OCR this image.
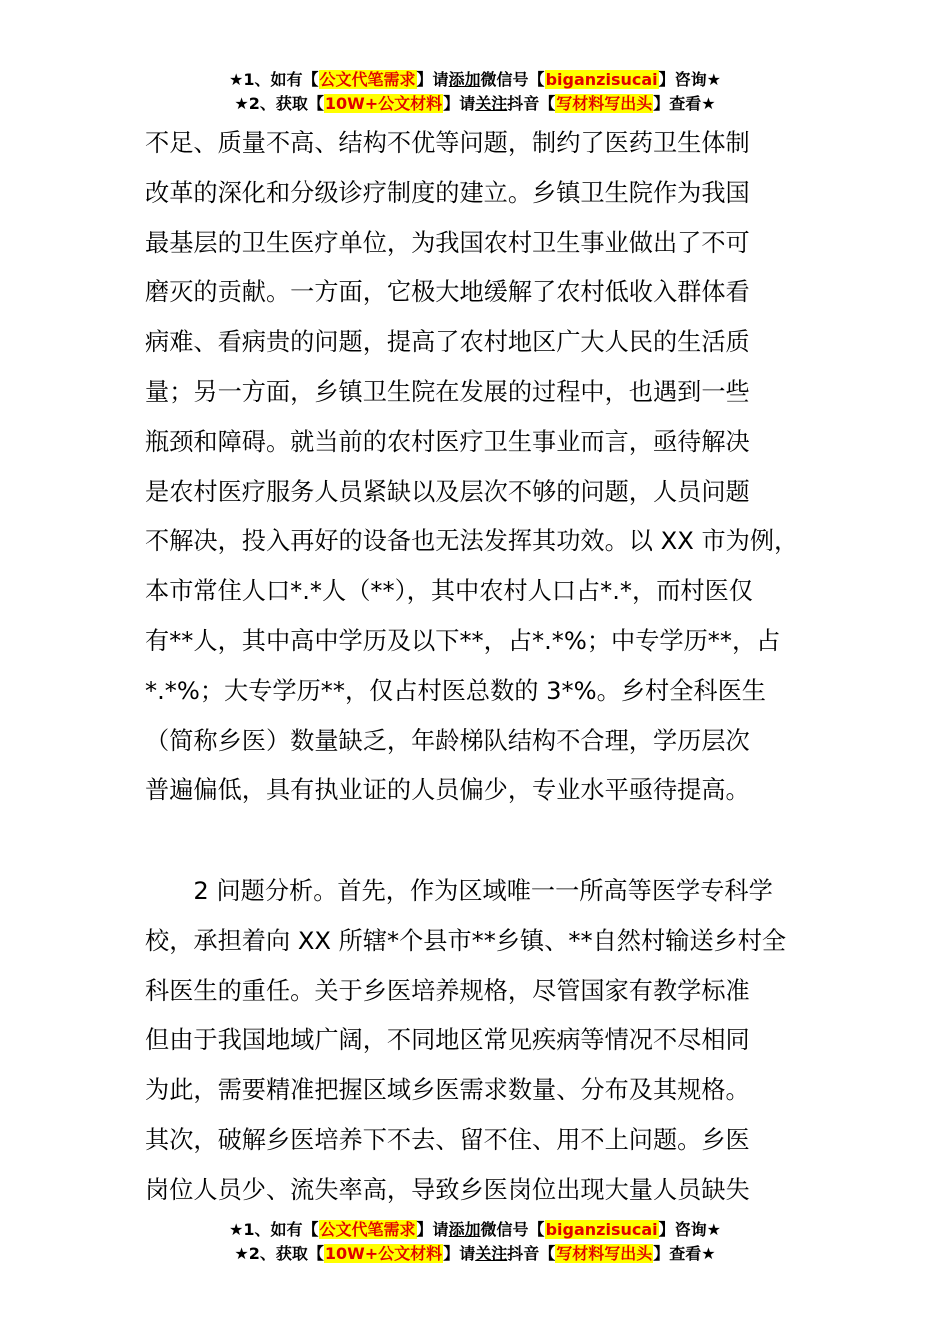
★1、如有【公文代笔需求】请添加微信号【biganzisucai】咨询★
★2、获取【10W+公文材料】请关注抖音【写材料写出头】查看★
不足、质量不高、结构不优等问题，制约了医药卫生体制
改革的深化和分级诊疗制度的建立。乡镇卫生院作为我国
最基层的卫生医疗单位，为我国农村卫生事业做出了不可
磨灭的贡献。一方面，它极大地缓解了农村低收入群体看
病难、看病贵的问题，提高了农村地区广大人民的生活质
量；另一方面，乡镇卫生院在发展的过程中，也遇到一些
瓶颈和障碍。就当前的农村医疗卫生事业而言，亟待解决
是农村医疗服务人员紧缺以及层次不够的问题，人员问题
不解决，投入再好的设备也无法发挥其功效。以 XX 市为例，
本市常住人口*.*人（**），其中农村人口占*.*，而村医仅
有**人，其中高中学历及以下**，占*.*%；中专学历**，占
*.*%；大专学历**，仅占村医总数的 3*%。乡村全科医生
（简称乡医）数量缺乏，年龄梯队结构不合理，学历层次
普遍偏低，具有执业证的人员偏少，专业水平亟待提高。
　　2 问题分析。首先，作为区域唯一一所高等医学专科学
校，承担着向 XX 所辖*个县市**乡镇、**自然村输送乡村全
科医生的重任。关于乡医培养规格，尽管国家有教学标准
但由于我国地域广阔，不同地区常见疾病等情况不尽相同
为此，需要精准把握区域乡医需求数量、分布及其规格。
其次，破解乡医培养下不去、留不住、用不上问题。乡医
岗位人员少、流失率高，导致乡医岗位出现大量人员缺失
★1、如有【公文代笔需求】请添加微信号【biganzisucai】咨询★
★2、获取【10W+公文材料】请关注抖音【写材料写出头】查看★
